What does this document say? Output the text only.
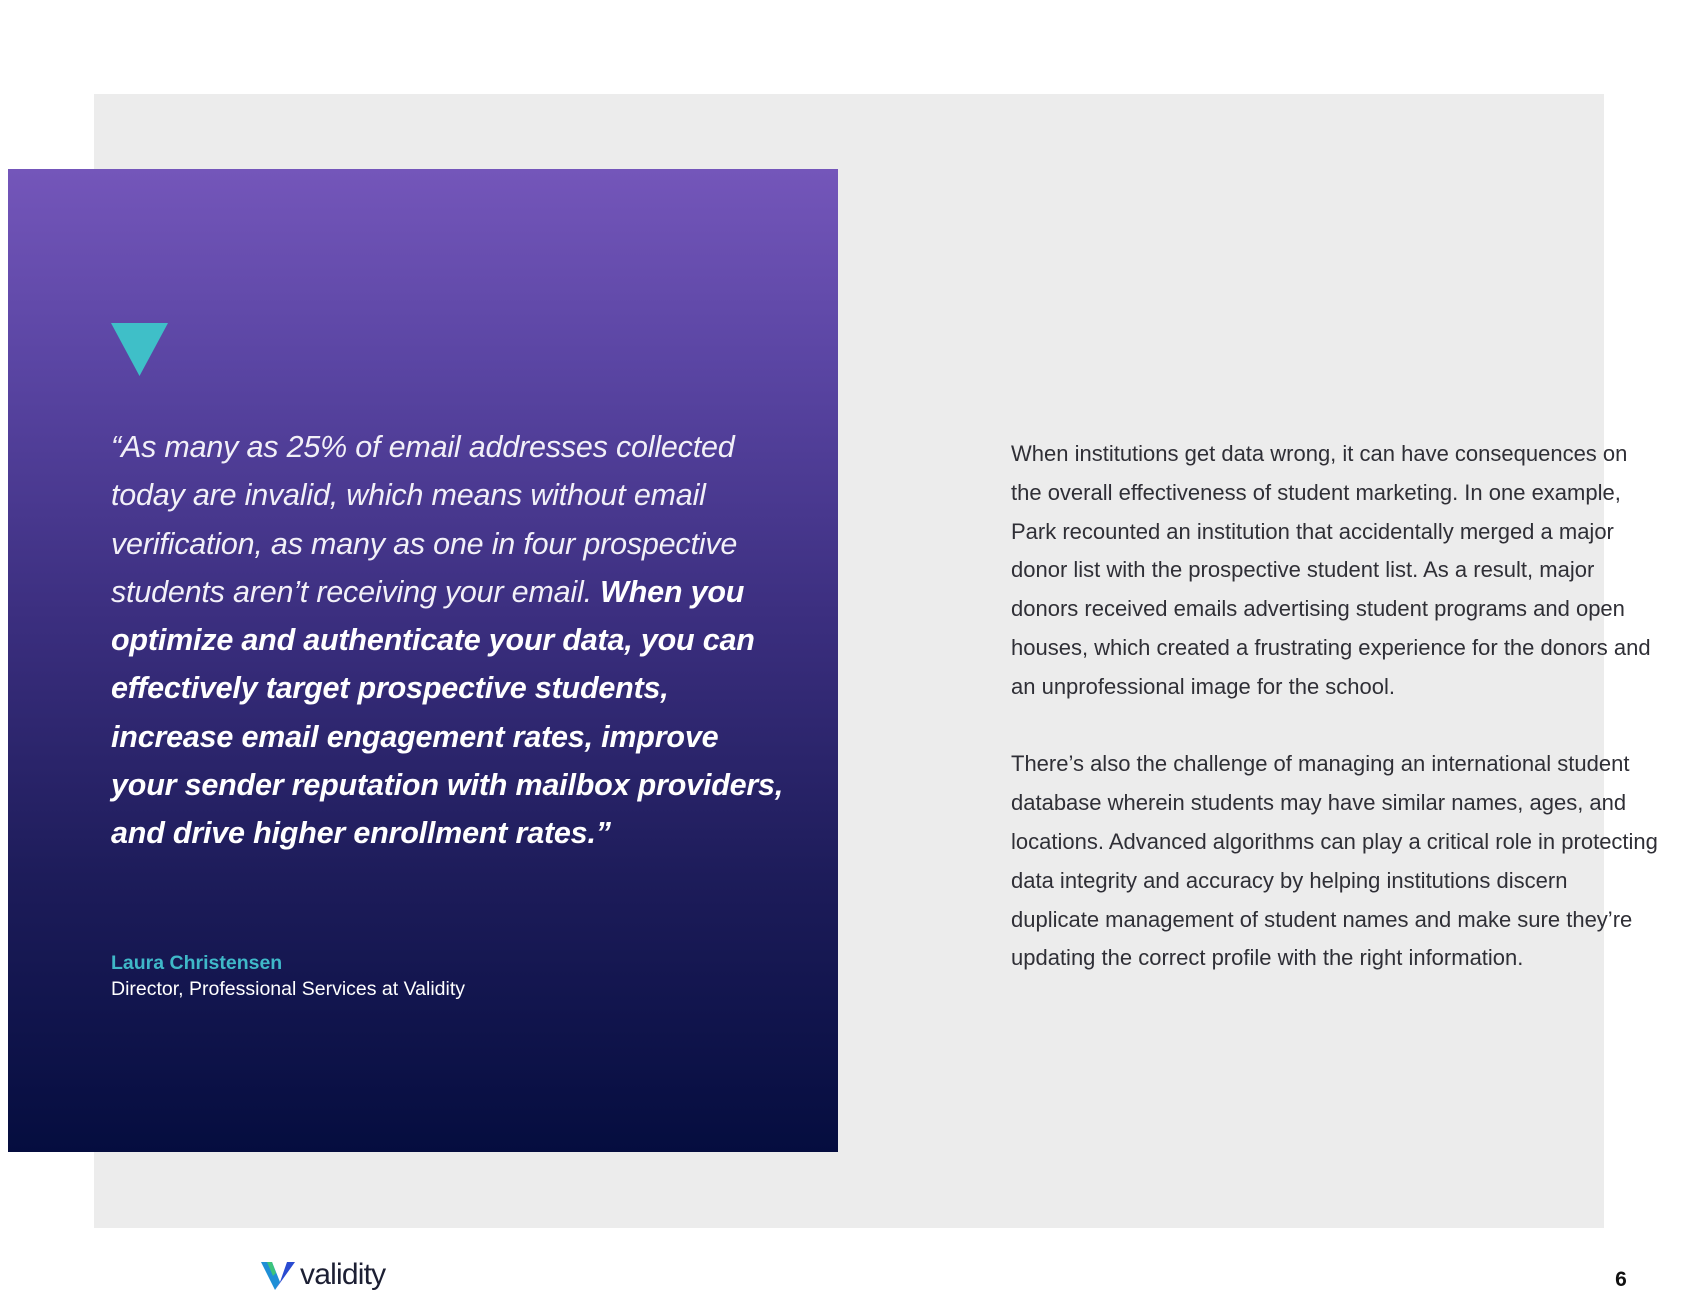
When institutions get data wrong, it can have consequences on the overall effectiveness of student marketing. In one example, Park recounted an institution that accidentally merged a major donor list with the prospective student list. As a result, major donors received emails advertising student programs and open houses, which created a frustrating experience for the donors and an unprofessional image for the school.

There’s also the challenge of managing an international student database wherein students may have similar names, ages, and locations. Advanced algorithms can play a critical role in protecting data integrity and accuracy by helping institutions discern duplicate management of student names and make sure they’re updating the correct profile with the right information.

validity	6

“As many as 25% of email addresses collected today are invalid, which means without email verification, as many as one in four prospective students aren’t receiving your email. When you optimize and authenticate your data, you can effectively target prospective students, increase email engagement rates, improve your sender reputation with mailbox providers, and drive higher enrollment rates.”

Laura Christensen

Director, Professional Services at Validity
